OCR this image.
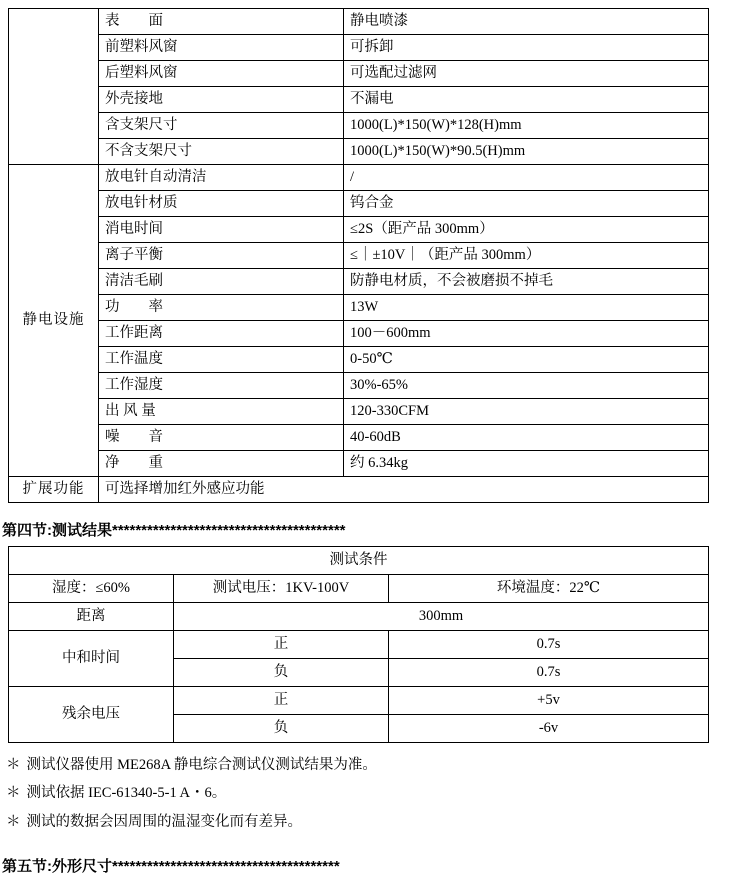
	表　　面	静电喷漆
	前塑料风窗	可拆卸
	后塑料风窗	可选配过滤网
	外壳接地	不漏电
	含支架尺寸	1000(L)*150(W)*128(H)mm
	不含支架尺寸	1000(L)*150(W)*90.5(H)mm
静电设施	放电针自动清洁	/
	放电针材质	钨合金
	消电时间	≤2S（距产品 300mm）
	离子平衡	≤｜±10V｜（距产品 300mm）
	清洁毛刷	防静电材质，不会被磨损不掉毛
	功　　率	13W
	工作距离	100－600mm
	工作温度	0-50℃
	工作湿度	30%-65%
	出 风 量	120-330CFM
	噪　　音	40-60dB
	净　　重	约 6.34kg
扩展功能	可选择增加红外感应功能	
第四节:测试结果****************************************
测试条件		
湿度：≤60%	测试电压：1KV-100V	环境温度：22℃
距离	300mm	
中和时间	正	0.7s
	负	0.7s
残余电压	正	+5v
	负	-6v
＊ 测试仪器使用 ME268A 静电综合测试仪测试结果为准。
＊ 测试依据 IEC-61340-5-1 A・6。
＊ 测试的数据会因周围的温湿变化而有差异。
第五节:外形尺寸***************************************
